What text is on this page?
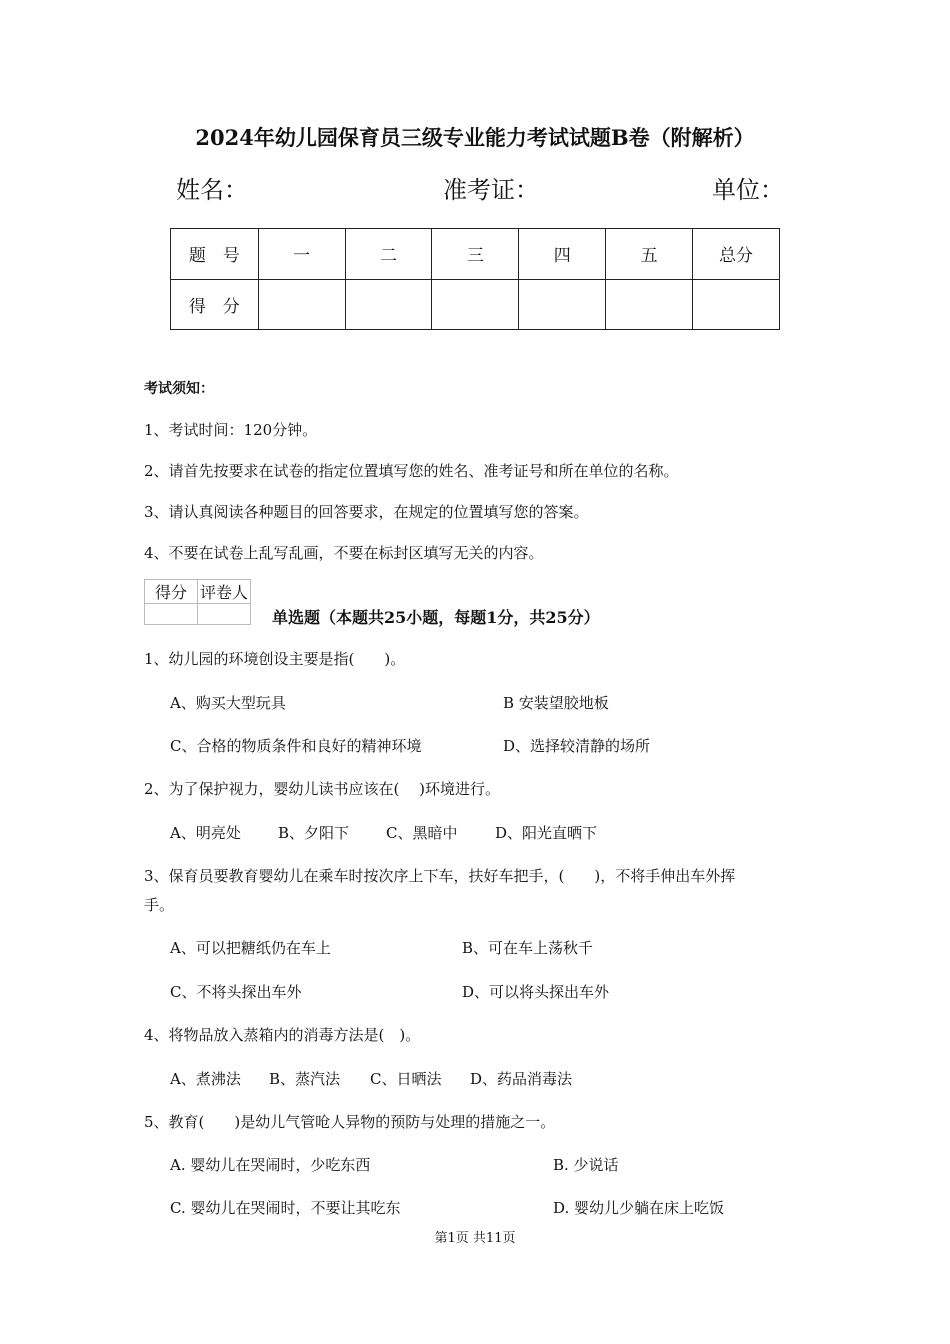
2024年幼儿园保育员三级专业能力考试试题B卷（附解析）
姓名：	准考证：	单位：
题　号	一	二	三	四	五	总分
得　分						
考试须知：
1、考试时间：120分钟。
2、请首先按要求在试卷的指定位置填写您的姓名、准考证号和所在单位的名称。
3、请认真阅读各种题目的回答要求，在规定的位置填写您的答案。
4、不要在试卷上乱写乱画，不要在标封区填写无关的内容。
得分	评卷人

单选题（本题共25小题，每题1分，共25分）
1、幼儿园的环境创设主要是指(　　)。
A、购买大型玩具	B 安装望胶地板
C、合格的物质条件和良好的精神环境	D、选择较清静的场所
2、为了保护视力，婴幼儿读书应该在(　 )环境进行。
A、明亮处 B、夕阳下 C、黑暗中	D、阳光直晒下
3、保育员要教育婴幼儿在乘车时按次序上下车，扶好车把手，(　　)，不将手伸出车外挥
手。
A、可以把糖纸仍在车上	B、可在车上荡秋千
C、不将头探出车外	D、可以将头探出车外
4、将物品放入蒸箱内的消毒方法是(　)。
A、煮沸法 B、蒸汽法 C、日晒法 D、药品消毒法
5、教育(　　)是幼儿气管呛人异物的预防与处理的措施之一。
A. 婴幼儿在哭闹时，少吃东西	B. 少说话
C. 婴幼儿在哭闹时，不要让其吃东	D. 婴幼儿少躺在床上吃饭
第1页 共11页
